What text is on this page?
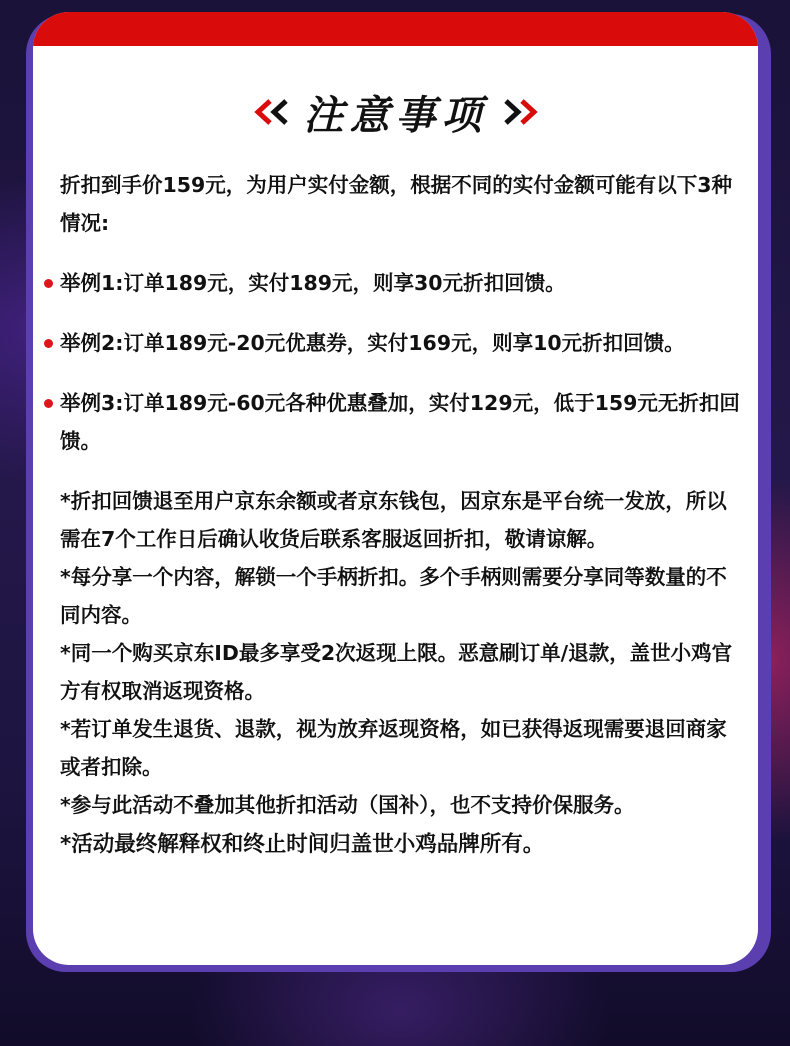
注意事项

折扣到手价159元，为用户实付金额，根据不同的实付金额可能有以下3种情况:

举例1:订单189元，实付189元，则享30元折扣回馈。

举例2:订单189元-20元优惠券，实付169元，则享10元折扣回馈。

举例3:订单189元-60元各种优惠叠加，实付129元，低于159元无折扣回馈。

*折扣回馈退至用户京东余额或者京东钱包，因京东是平台统一发放，所以需在7个工作日后确认收货后联系客服返回折扣，敬请谅解。

*每分享一个内容，解锁一个手柄折扣。多个手柄则需要分享同等数量的不同内容。

*同一个购买京东ID最多享受2次返现上限。恶意刷订单/退款，盖世小鸡官方有权取消返现资格。

*若订单发生退货、退款，视为放弃返现资格，如已获得返现需要退回商家或者扣除。

*参与此活动不叠加其他折扣活动（国补），也不支持价保服务。

*活动最终解释权和终止时间归盖世小鸡品牌所有。
